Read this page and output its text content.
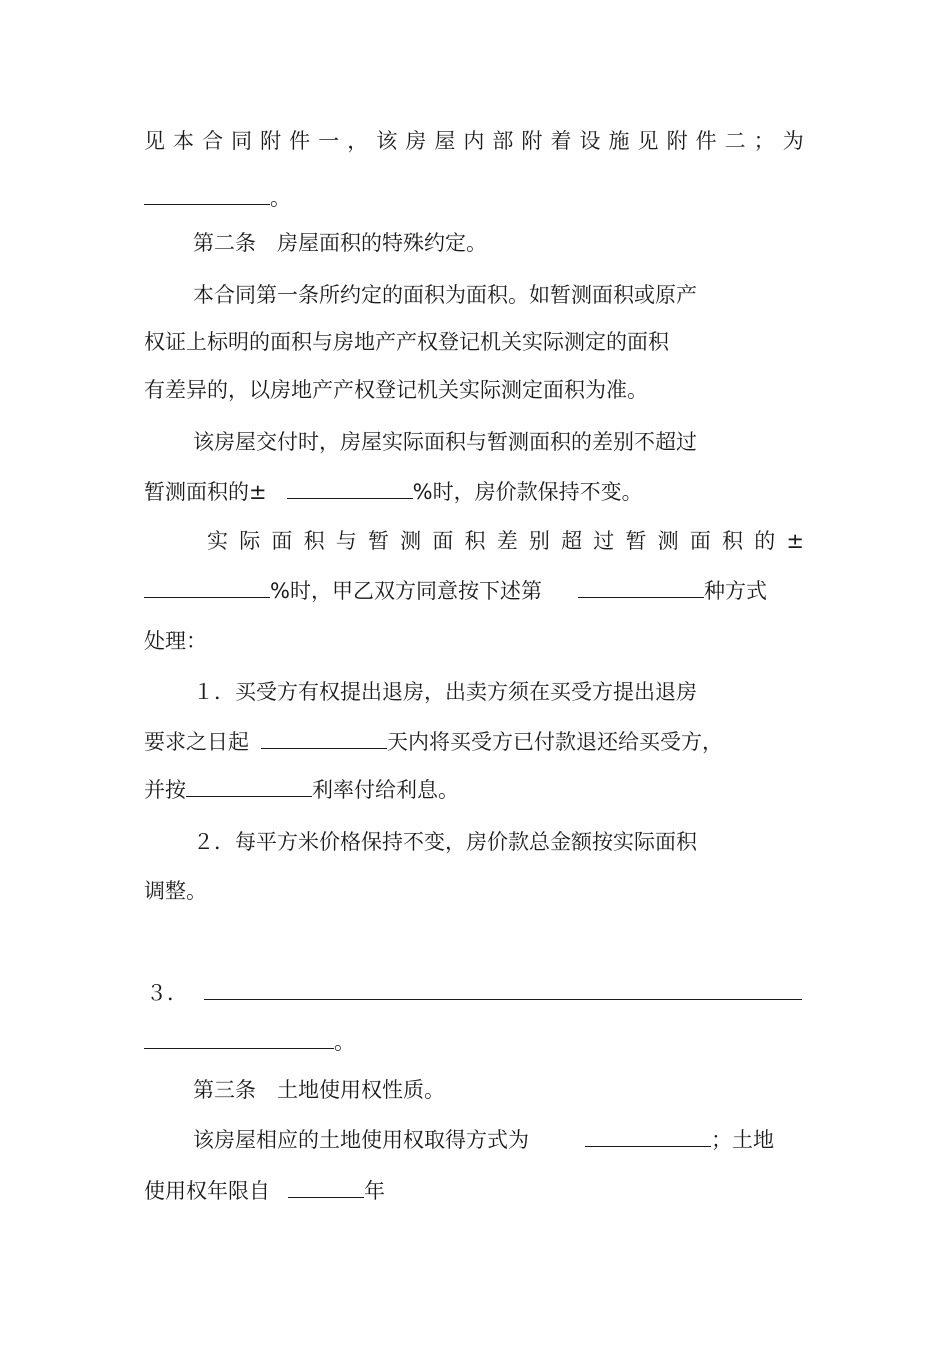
见 本 合 同 附 件 一 ， 该 房 屋 内 部 附 着 设 施 见 附 件 二 ； 为
。
第二条　房屋面积的特殊约定。
本合同第一条所约定的面积为面积。如暂测面积或原产
权证上标明的面积与房地产产权登记机关实际测定的面积
有差异的，以房地产产权登记机关实际测定面积为准。
该房屋交付时，房屋实际面积与暂测面积的差别不超过
暂测面积的±	%时，房价款保持不变。
实 际 面 积 与 暂 测 面 积 差 别 超 过 暂 测 面 积 的 ±
%时，甲乙双方同意按下述第	种方式
处理：
１．买受方有权提出退房，出卖方须在买受方提出退房
要求之日起	天内将买受方已付款退还给买受方，
并按	利率付给利息。
２．每平方米价格保持不变，房价款总金额按实际面积
调整。
３．
。
第三条　土地使用权性质。
该房屋相应的土地使用权取得方式为	；土地
使用权年限自	年
